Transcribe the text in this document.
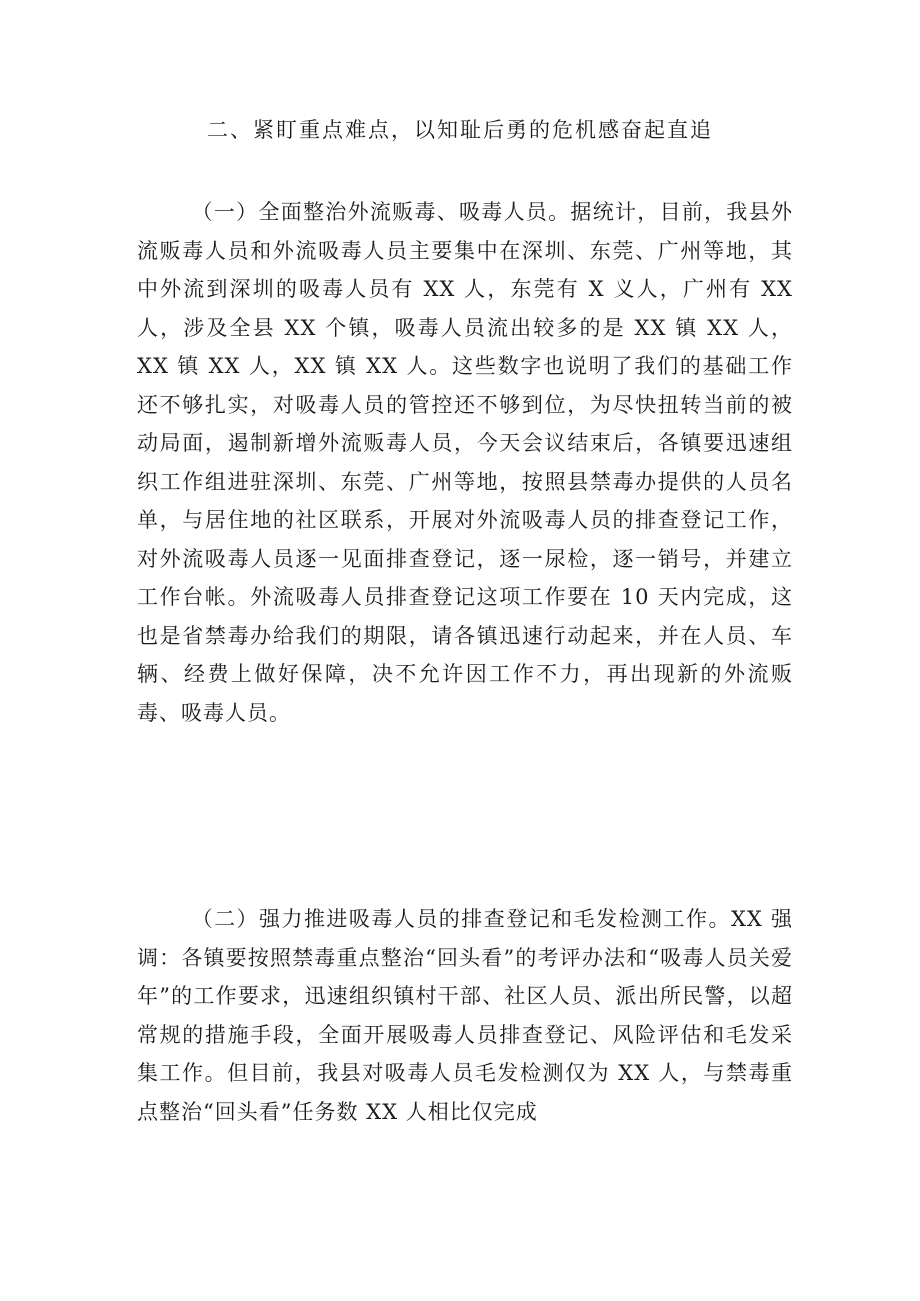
二、紧盯重点难点，以知耻后勇的危机感奋起直追

（一）全面整治外流贩毒、吸毒人员。据统计，目前，我县外流贩毒人员和外流吸毒人员主要集中在深圳、东莞、广州等地，其中外流到深圳的吸毒人员有 XX 人，东莞有 X 义人，广州有 XX 人，涉及全县 XX 个镇，吸毒人员流出较多的是 XX 镇 XX 人，XX 镇 XX 人，XX 镇 XX 人。这些数字也说明了我们的基础工作还不够扎实，对吸毒人员的管控还不够到位，为尽快扭转当前的被动局面，遏制新增外流贩毒人员，今天会议结束后，各镇要迅速组织工作组进驻深圳、东莞、广州等地，按照县禁毒办提供的人员名单，与居住地的社区联系，开展对外流吸毒人员的排查登记工作，对外流吸毒人员逐一见面排查登记，逐一尿检，逐一销号，并建立工作台帐。外流吸毒人员排查登记这项工作要在 10 天内完成，这也是省禁毒办给我们的期限，请各镇迅速行动起来，并在人员、车辆、经费上做好保障，决不允许因工作不力，再出现新的外流贩毒、吸毒人员。

（二）强力推进吸毒人员的排查登记和毛发检测工作。XX 强调：各镇要按照禁毒重点整治“回头看”的考评办法和“吸毒人员关爱年”的工作要求，迅速组织镇村干部、社区人员、派出所民警，以超常规的措施手段，全面开展吸毒人员排查登记、风险评估和毛发采集工作。但目前，我县对吸毒人员毛发检测仅为 XX 人，与禁毒重点整治“回头看”任务数 XX 人相比仅完成
